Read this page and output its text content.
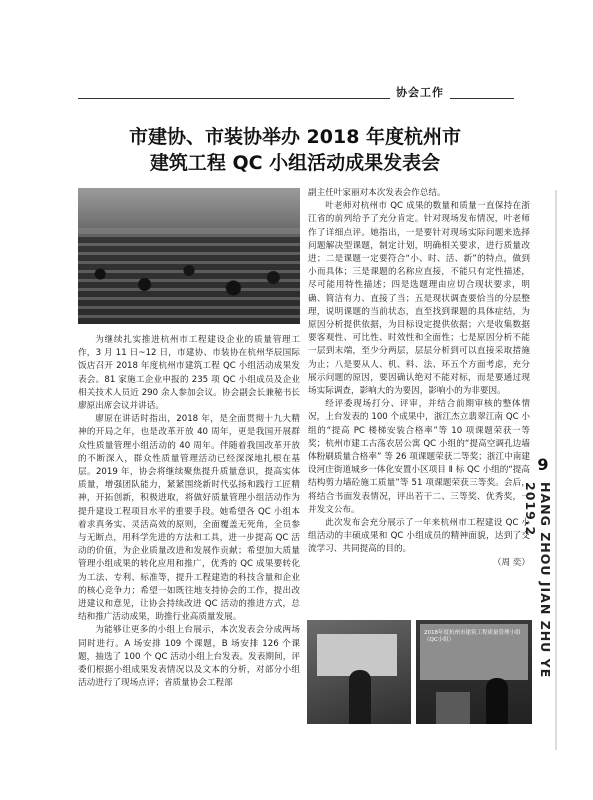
协会工作
市建协、市装协举办 2018 年度杭州市
建筑工程 QC 小组活动成果发表会

为继续扎实推进杭州市工程建设企业的质量管理工作，3 月 11 日~12 日，市建协、市装协在杭州华辰国际饭店召开 2018 年度杭州市建筑工程 QC 小组活动成果发表会。81 家施工企业申报的 235 项 QC 小组成员及企业相关技术人员近 290 余人参加会议。协会副会长兼秘书长廖原出席会议并讲话。

廖原在讲话时指出，2018 年，是全面贯彻十九大精神的开局之年，也是改革开放 40 周年，更是我国开展群众性质量管理小组活动的 40 周年。伴随着我国改革开放的不断深入，群众性质量管理活动已经深深地扎根在基层。2019 年，协会将继续聚焦提升质量意识，提高实体质量，增强团队能力，紧紧围绕新时代弘扬和践行工匠精神，开拓创新，积极进取，将做好质量管理小组活动作为提升建设工程项目水平的重要手段。她希望各 QC 小组本着求真务实、灵活高效的原则，全面覆盖无死角，全员参与无断点，用科学先进的方法和工具，进一步提高 QC 活动的价值，为企业质量改进和发展作贡献；希望加大质量管理小组成果的转化应用和推广，优秀的 QC 成果要转化为工法、专利、标准等，提升工程建造的科技含量和企业的核心竞争力；希望一如既往地支持协会的工作，提出改进建议和意见，让协会持续改进 QC 活动的推进方式，总结和推广活动成果，助推行业高质量发展。

为能够让更多的小组上台展示，本次发表会分成两场同时进行。A 场安排 109 个课题，B 场安排 126 个课题，抽选了 100 个 QC 活动小组上台发表。发表期间，评委们根据小组成果发表情况以及文本的分析，对部分小组活动进行了现场点评；省质量协会工程部

副主任叶家丽对本次发表会作总结。

叶老师对杭州市 QC 成果的数量和质量一直保持在浙江省的前列给予了充分肯定。针对现场发布情况，叶老师作了详细点评。她指出，一是要针对现场实际问题来选择问题解决型课题，制定计划，明确相关要求，进行质量改进；二是课题一定要符合“小、时、活、新”的特点，做到小而具体；三是课题的名称应直接，不能只有定性描述，尽可能用特性描述；四是选题理由应切合现状要求，明确、简洁有力、直接了当；五是现状调查要恰当的分层整理，说明课题的当前状态，直至找到课题的具体症结，为原因分析提供依据，为目标设定提供依据；六是收集数据要客观性、可比性、时效性和全面性；七是原因分析不能一层到末端，至少分两层，层层分析到可以直接采取措施为止；八是要从人、机、料、法、环五个方面考虑，充分展示问题的原因，要因确认绝对不能对标，而是要通过现场实际调查，影响大的为要因，影响小的为非要因。

经评委现场打分、评审，并结合前期审核的整体情况，上台发表的 100 个成果中，浙江杰立翡翠江南 QC 小组的“提高 PC 楼梯安装合格率”等 10 项课题荣获一等奖；杭州市建工古荡农居公寓 QC 小组的“提高空调孔边墙体粉刷质量合格率” 等 26 项课题荣获二等奖；浙江中南建设河庄街道城乡一体化安置小区项目 Ⅱ 标 QC 小组的“提高结构剪力墙砼施工质量”等 51 项课题荣获三等奖。会后，将结合书面发表情况，评出若干二、三等奖、优秀奖，一并发文公布。

此次发布会充分展示了一年来杭州市工程建设 QC 小组活动的丰硕成果和 QC 小组成员的精神面貌，达到了交流学习、共同提高的目的。

（周 奕）
2018年度杭州市建筑工程质量管理小组（QC小组）
9
HANG ZHOU JIAN ZHU YE 2019.2
